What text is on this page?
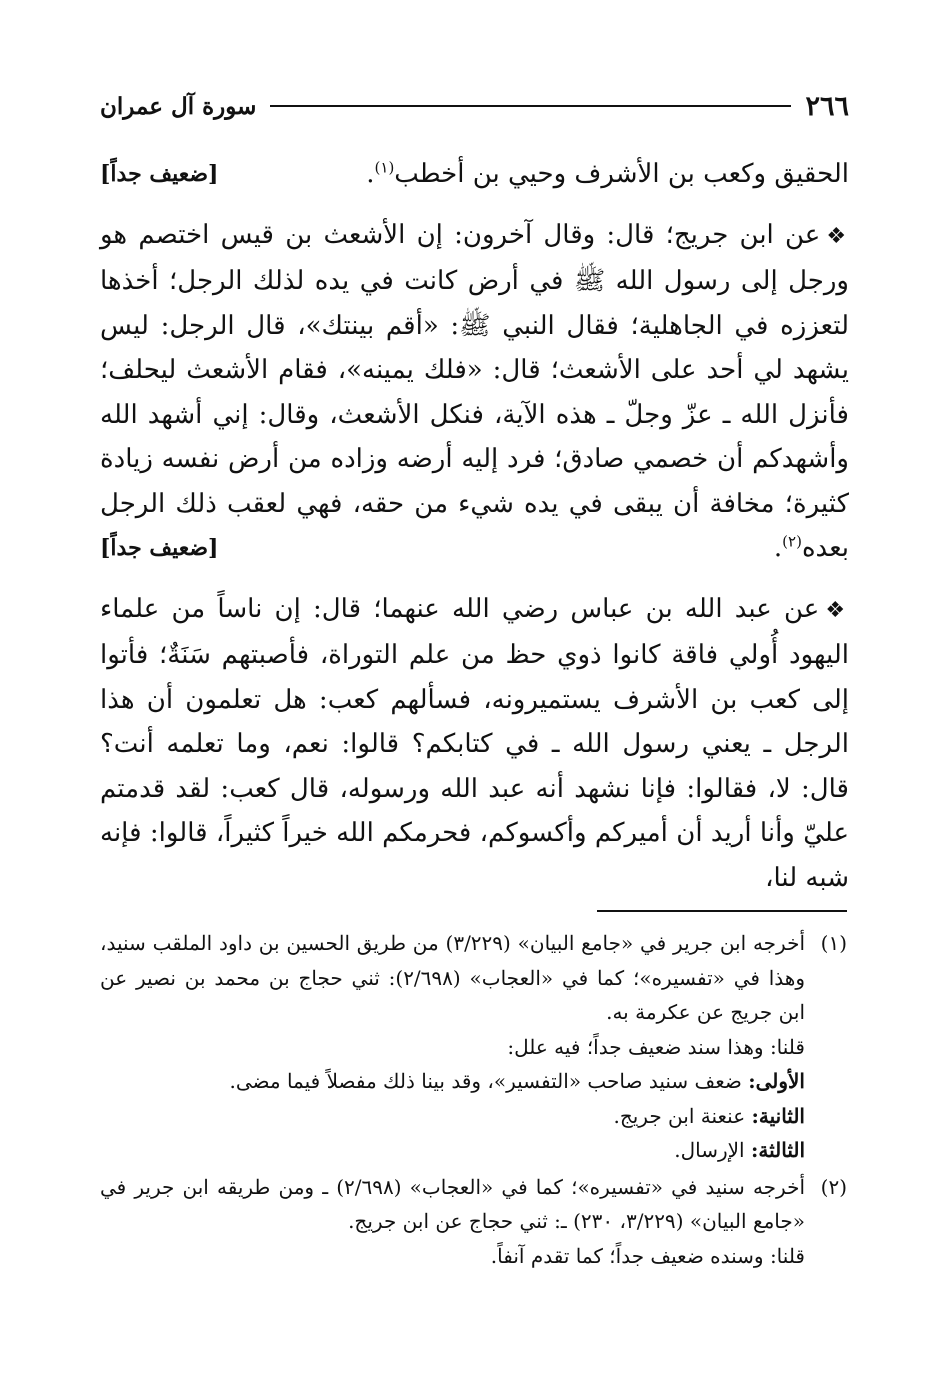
٢٦٦
سورة آل عمران

[ضعيف جداً]	الحقيق وكعب بن الأشرف وحيي بن أخطب$^{(١)}$.

❖عن ابن جريج؛ قال: وقال آخرون: إن الأشعث بن قيس اختصم هو ورجل إلى رسول الله ﷺ في أرض كانت في يده لذلك الرجل؛ أخذها لتعززه في الجاهلية؛ فقال النبي ﷺ: «أقم بينتك»، قال الرجل: ليس يشهد لي أحد على الأشعث؛ قال: «فلك يمينه»، فقام الأشعث ليحلف؛ فأنزل الله ـ عزّ وجلّ ـ هذه الآية، فنكل الأشعث، وقال: إني أشهد الله وأشهدكم أن خصمي صادق؛ فرد إليه أرضه وزاده من أرض نفسه زيادة كثيرة؛ مخافة أن يبقى في يده شيء من حقه، فهي لعقب ذلك الرجل بعده$^{(٢)}$.
[ضعيف جداً]

❖عن عبد الله بن عباس رضي الله عنهما؛ قال: إن ناساً من علماء اليهود أُولي فاقة كانوا ذوي حظ من علم التوراة، فأصبتهم سَنَةٌ؛ فأتوا إلى كعب بن الأشرف يستميرونه، فسألهم كعب: هل تعلمون أن هذا الرجل ـ يعني رسول الله ـ في كتابكم؟ قالوا: نعم، وما تعلمه أنت؟ قال: لا، فقالوا: فإنا نشهد أنه عبد الله ورسوله، قال كعب: لقد قدمتم عليّ وأنا أريد أن أميركم وأكسوكم، فحرمكم الله خيراً كثيراً، قالوا: فإنه شبه لنا،

(١)
أخرجه ابن جرير في «جامع البيان» (٣/٢٢٩) من طريق الحسين بن داود الملقب سنيد، وهذا في «تفسيره»؛ كما في «العجاب» (٢/٦٩٨): ثني حجاج بن محمد بن نصير عن ابن جريج عن عكرمة به.
قلنا: وهذا سند ضعيف جداً؛ فيه علل:
الأولى: ضعف سنيد صاحب «التفسير»، وقد بينا ذلك مفصلاً فيما مضى.
الثانية: عنعنة ابن جريج.
الثالثة: الإرسال.
(٢)
أخرجه سنيد في «تفسيره»؛ كما في «العجاب» (٢/٦٩٨) ـ ومن طريقه ابن جرير في «جامع البيان» (٣/٢٢٩، ٢٣٠) ـ: ثني حجاج عن ابن جريج.
قلنا: وسنده ضعيف جداً؛ كما تقدم آنفاً.
